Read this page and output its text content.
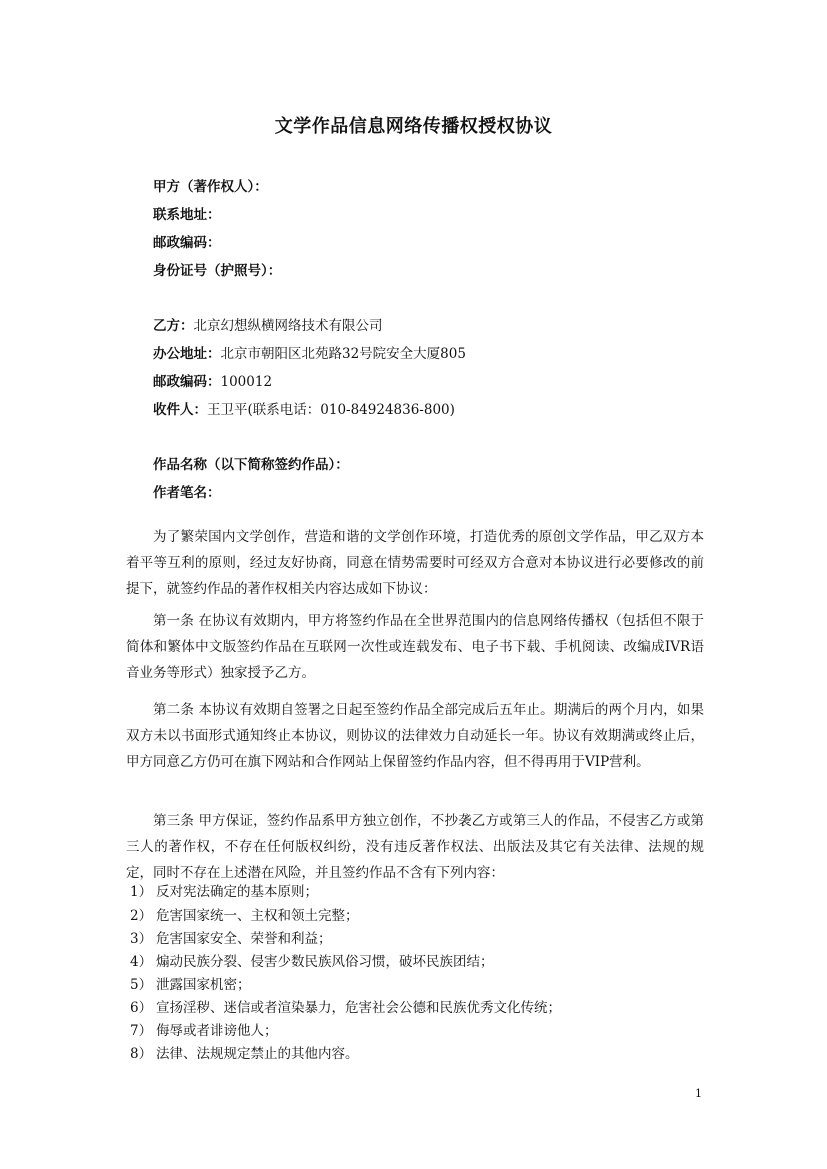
文学作品信息网络传播权授权协议
甲方（著作权人）：
联系地址：
邮政编码：
身份证号（护照号）：
乙方：北京幻想纵横网络技术有限公司
办公地址：北京市朝阳区北苑路32号院安全大厦805
邮政编码：100012
收件人：王卫平(联系电话：010-84924836-800)
作品名称（以下简称签约作品）：
作者笔名：

为了繁荣国内文学创作，营造和谐的文学创作环境，打造优秀的原创文学作品，甲乙双方本着平等互利的原则，经过友好协商，同意在情势需要时可经双方合意对本协议进行必要修改的前提下，就签约作品的著作权相关内容达成如下协议：

第一条 在协议有效期内，甲方将签约作品在全世界范围内的信息网络传播权（包括但不限于简体和繁体中文版签约作品在互联网一次性或连载发布、电子书下载、手机阅读、改编成IVR语音业务等形式）独家授予乙方。

第二条 本协议有效期自签署之日起至签约作品全部完成后五年止。期满后的两个月内，如果双方未以书面形式通知终止本协议，则协议的法律效力自动延长一年。协议有效期满或终止后，甲方同意乙方仍可在旗下网站和合作网站上保留签约作品内容，但不得再用于VIP营利。

第三条 甲方保证，签约作品系甲方独立创作，不抄袭乙方或第三人的作品，不侵害乙方或第三人的著作权，不存在任何版权纠纷，没有违反著作权法、出版法及其它有关法律、法规的规定，同时不存在上述潜在风险，并且签约作品不含有下列内容：

1） 反对宪法确定的基本原则；
2） 危害国家统一、主权和领土完整；
3） 危害国家安全、荣誉和利益；
4） 煽动民族分裂、侵害少数民族风俗习惯，破坏民族团结；
5） 泄露国家机密；
6） 宣扬淫秽、迷信或者渲染暴力，危害社会公德和民族优秀文化传统；
7） 侮辱或者诽谤他人；
8） 法律、法规规定禁止的其他内容。
1
